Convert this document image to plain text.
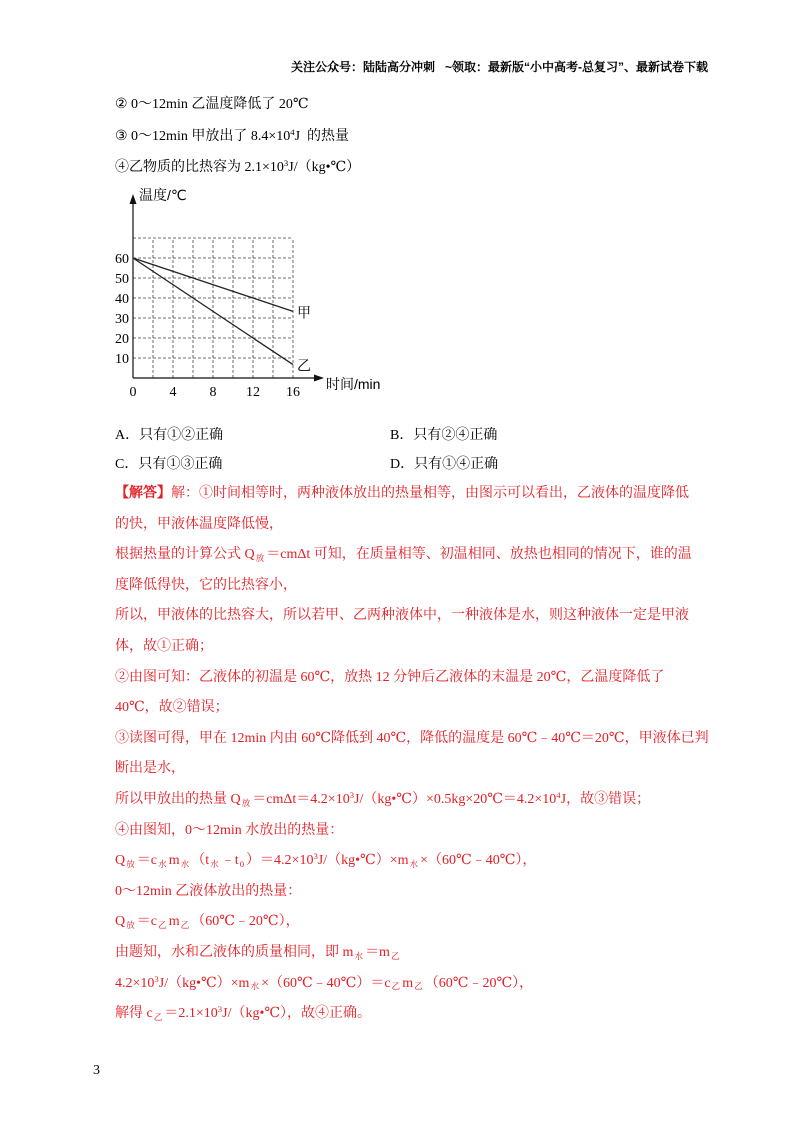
关注公众号：陆陆高分冲刺   ~领取：最新版“小中高考-总复习”、最新试卷下载
② 0～12min 乙温度降低了 20℃
③ 0～12min 甲放出了 $8.4\times 10^4J$  的热量
④乙物质的比热容为 $2.1\times 10^3J/(kg•℃)$
温度/℃
时间/min
10
20
30
40
50
60
0 4 8 12 16
甲
乙
A．只有①②正确	B．只有②④正确
C．只有①③正确	D．只有①④正确
【解答】解：①时间相等时，两种液体放出的热量相等，由图示可以看出，乙液体的温度降低
的快，甲液体温度降低慢，
根据热量的计算公式 $Q_放 =cm\Delta t$ 可知，在质量相等、初温相同、放热也相同的情况下，谁的温
度降低得快，它的比热容小，
所以，甲液体的比热容大，所以若甲、乙两种液体中，一种液体是水，则这种液体一定是甲液
体，故①正确；
②由图可知：乙液体的初温是 60℃，放热 12 分钟后乙液体的末温是 20℃，乙温度降低了
40℃，故②错误；
③读图可得，甲在 12min 内由 60℃降低到 40℃，降低的温度是 60℃﹣40℃＝20℃，甲液体已判
断出是水，
所以甲放出的热量 $Q_放$ $=cm\Delta t=4.2\times 10^3J/(kg•℃)\times 0.5kg\times 20℃=4.2\times 10^4J$，故③错误；
④由图知，0～12min 水放出的热量：
$Q_放 =c_水$ $m_水$ （$t_水$ $﹣t_0$ ）$=4.2\times 10^3J/(kg•℃)\times m_水$ ×（60℃﹣40℃），
0～12min 乙液体放出的热量：
$Q_放 =c_乙$ $m_乙$ （60℃﹣20℃），
由题知，水和乙液体的质量相同，即 $m_水 =m_乙$
$4.2\times 10^3J/(kg•℃)\times m_水$ $\times(60℃﹣40℃)=c_乙$ $m_乙$ （60℃﹣20℃），
解得 $c_乙$ $=2.1\times 10^3J/(kg•℃)$，故④正确。
3
